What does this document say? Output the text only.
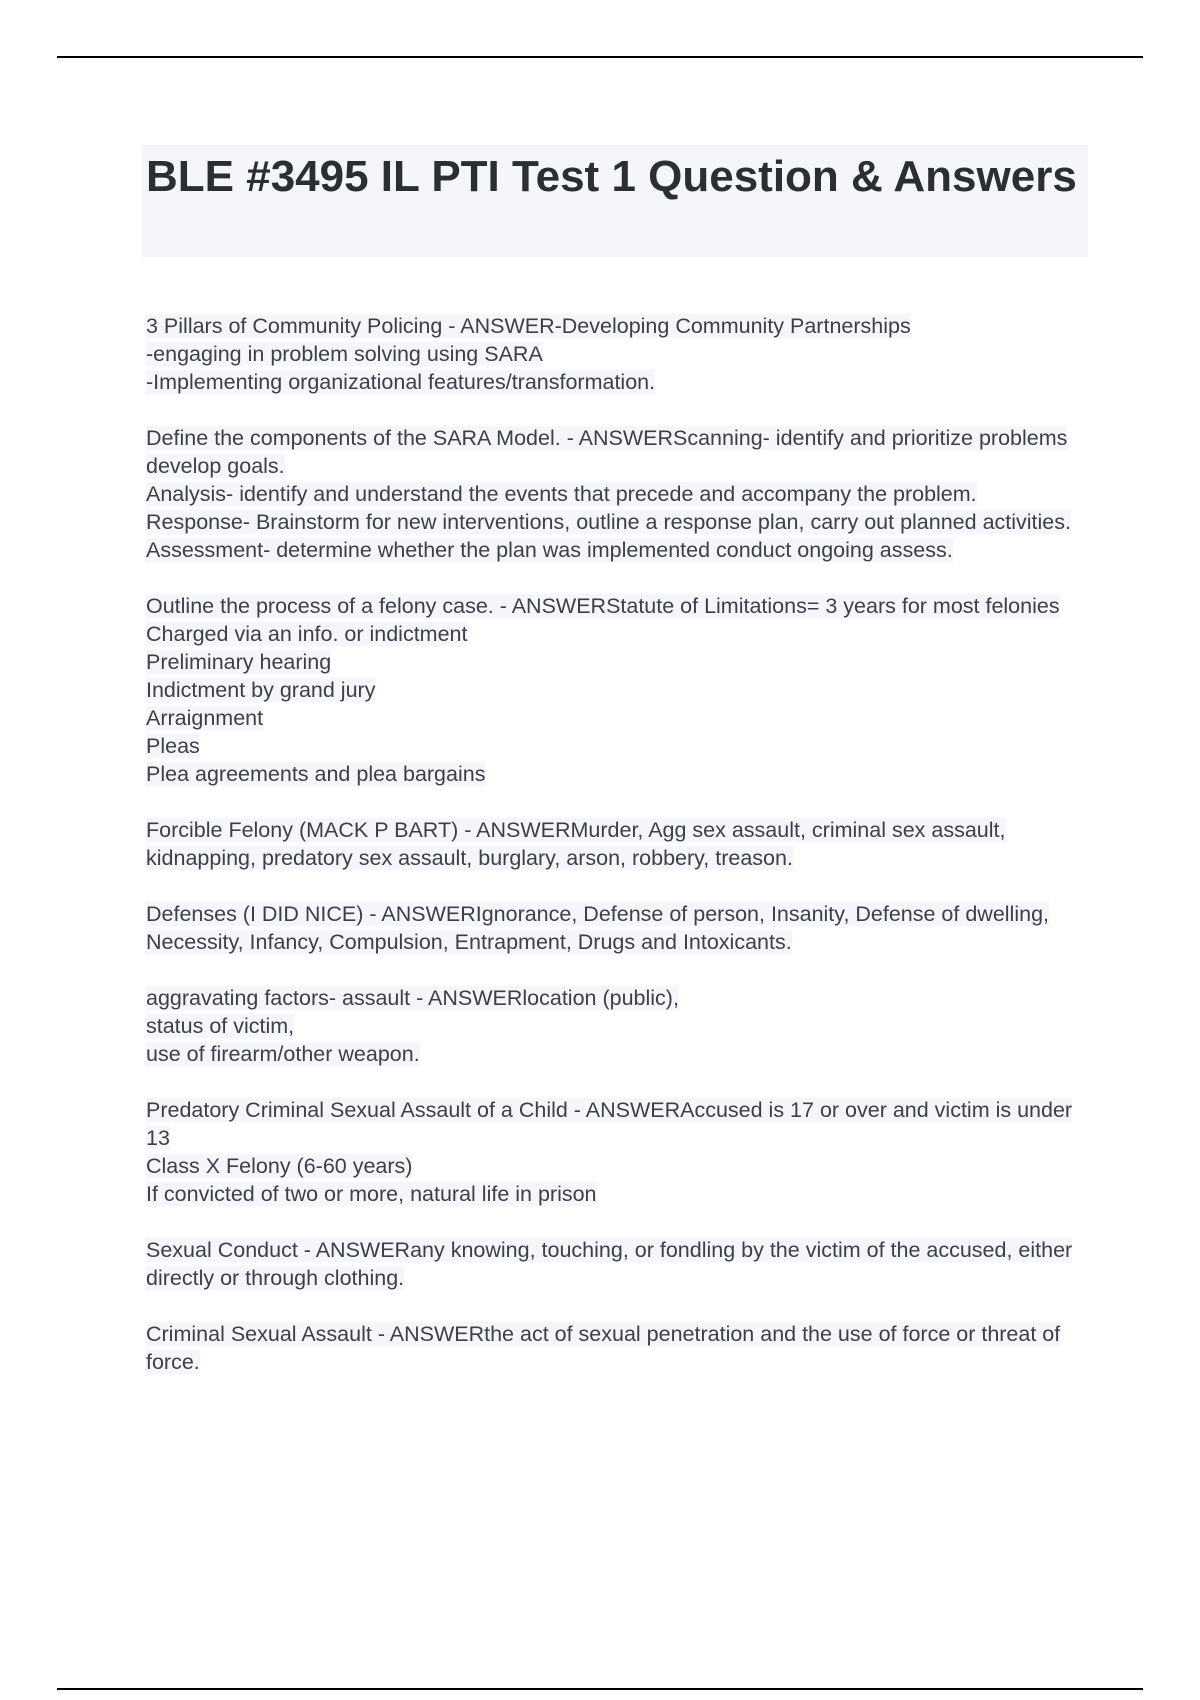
BLE #3495 IL PTI Test 1 Question & Answers
3 Pillars of Community Policing - ANSWER-Developing Community Partnerships
-engaging in problem solving using SARA
-Implementing organizational features/transformation.
Define the components of the SARA Model. - ANSWERScanning- identify and prioritize problems develop goals.
Analysis- identify and understand the events that precede and accompany the problem.
Response- Brainstorm for new interventions, outline a response plan, carry out planned activities.
Assessment- determine whether the plan was implemented conduct ongoing assess.
Outline the process of a felony case. - ANSWERStatute of Limitations= 3 years for most felonies
Charged via an info. or indictment
Preliminary hearing
Indictment by grand jury
Arraignment
Pleas
Plea agreements and plea bargains
Forcible Felony (MACK P BART) - ANSWERMurder, Agg sex assault, criminal sex assault, kidnapping, predatory sex assault, burglary, arson, robbery, treason.
Defenses (I DID NICE) - ANSWERIgnorance, Defense of person, Insanity, Defense of dwelling, Necessity, Infancy, Compulsion, Entrapment, Drugs and Intoxicants.
aggravating factors- assault - ANSWERlocation (public),
status of victim,
use of firearm/other weapon.
Predatory Criminal Sexual Assault of a Child - ANSWERAccused is 17 or over and victim is under 13
Class X Felony (6-60 years)
If convicted of two or more, natural life in prison
Sexual Conduct - ANSWERany knowing, touching, or fondling by the victim of the accused, either directly or through clothing.
Criminal Sexual Assault - ANSWERthe act of sexual penetration and the use of force or threat of force.
